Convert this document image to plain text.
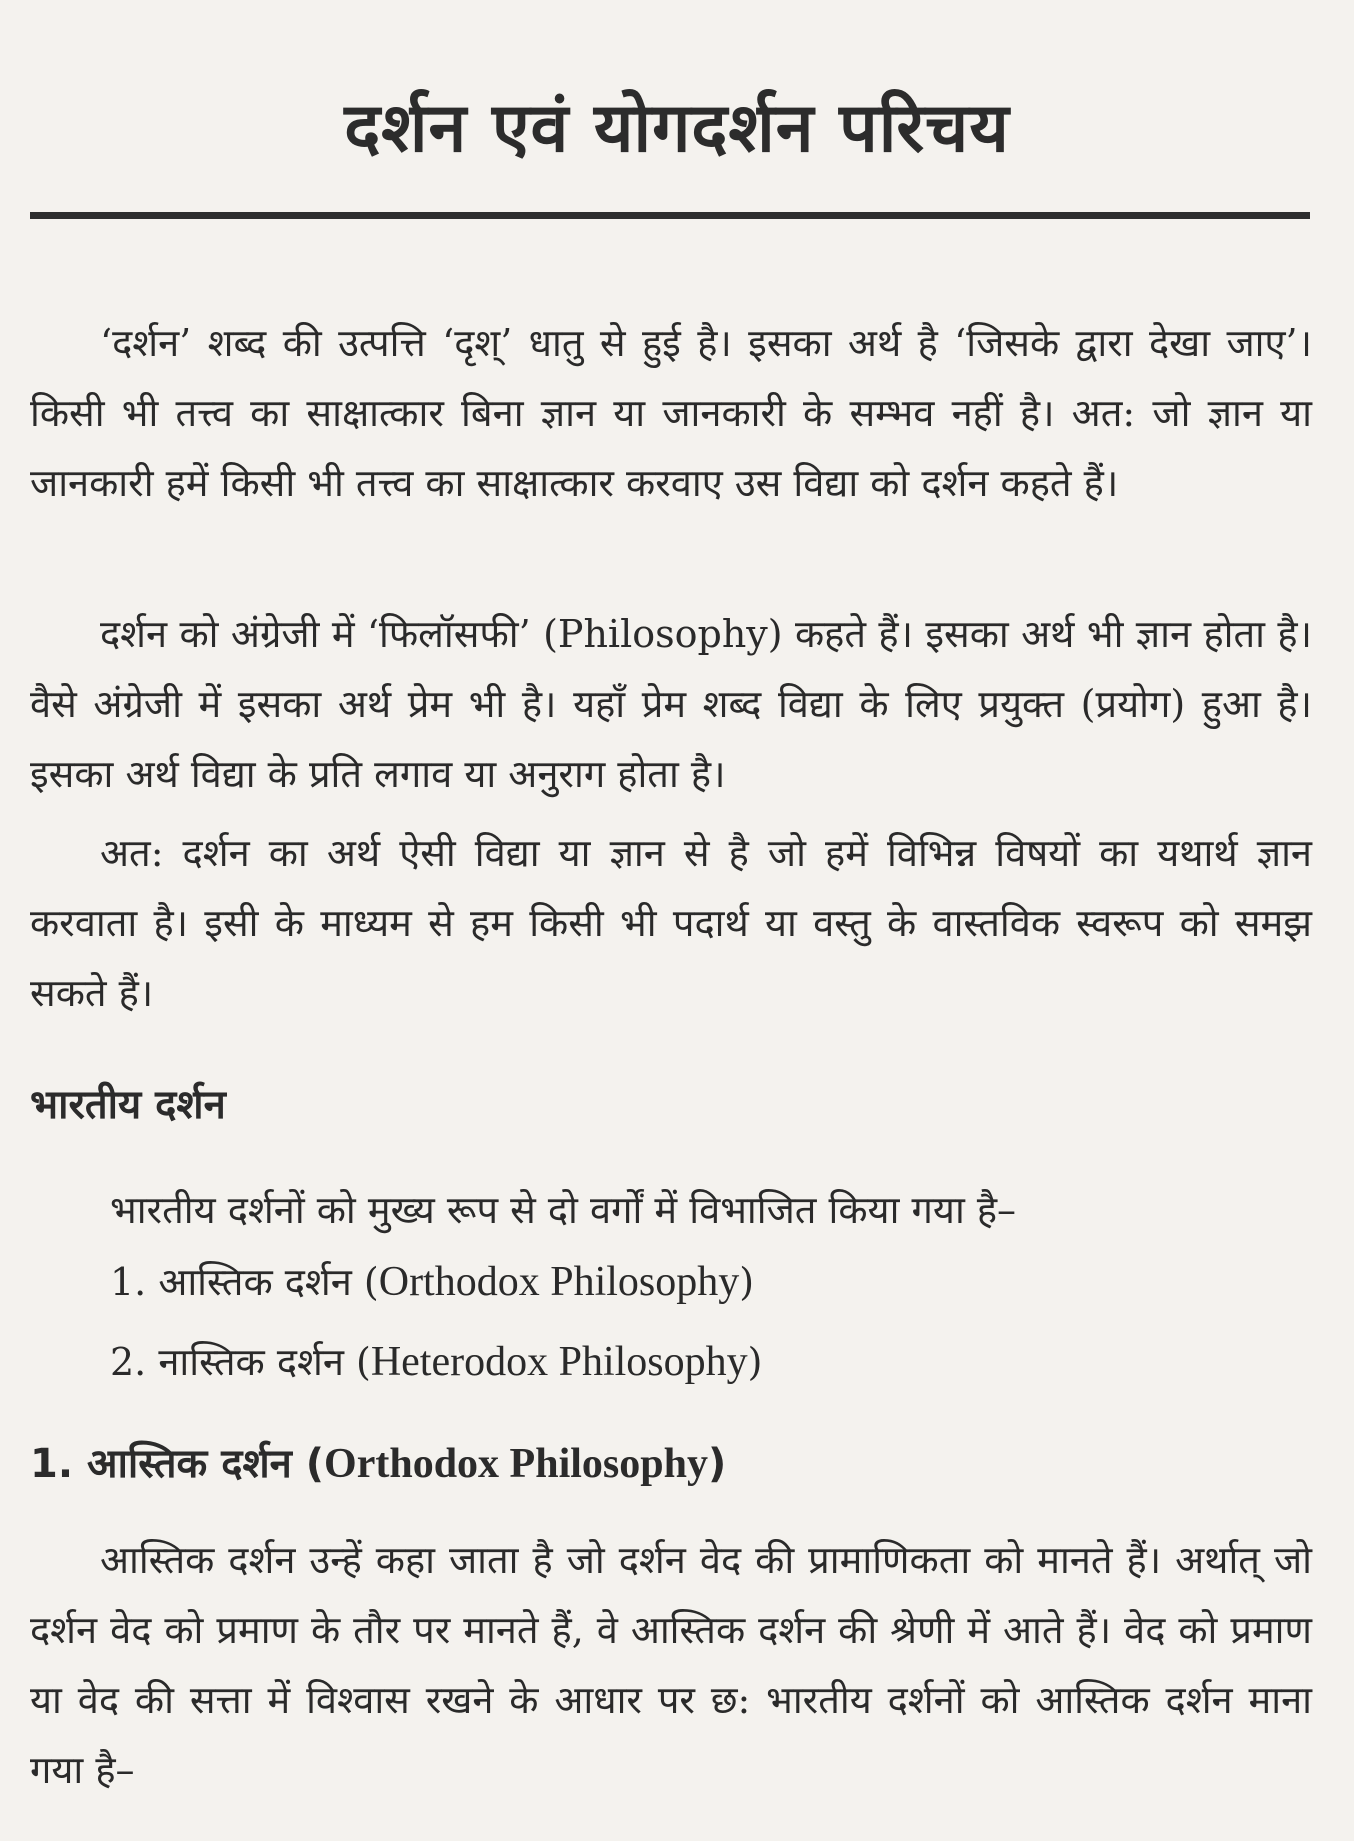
दर्शन एवं योगदर्शन परिचय
‘दर्शन’ शब्द की उत्पत्ति ‘दृश्’ धातु से हुई है। इसका अर्थ है ‘जिसके द्वारा देखा जाए’। किसी भी तत्त्व का साक्षात्कार बिना ज्ञान या जानकारी के सम्भव नहीं है। अत: जो ज्ञान या जानकारी हमें किसी भी तत्त्व का साक्षात्कार करवाए उस विद्या को दर्शन कहते हैं।
दर्शन को अंग्रेजी में ‘फिलॉसफी’ (Philosophy) कहते हैं। इसका अर्थ भी ज्ञान होता है। वैसे अंग्रेजी में इसका अर्थ प्रेम भी है। यहाँ प्रेम शब्द विद्या के लिए प्रयुक्त (प्रयोग) हुआ है। इसका अर्थ विद्या के प्रति लगाव या अनुराग होता है।
अत: दर्शन का अर्थ ऐसी विद्या या ज्ञान से है जो हमें विभिन्न विषयों का यथार्थ ज्ञान करवाता है। इसी के माध्यम से हम किसी भी पदार्थ या वस्तु के वास्तविक स्वरूप को समझ सकते हैं।
भारतीय दर्शन
भारतीय दर्शनों को मुख्य रूप से दो वर्गों में विभाजित किया गया है–
1. आस्तिक दर्शन (Orthodox Philosophy)
2. नास्तिक दर्शन (Heterodox Philosophy)
1. आस्तिक दर्शन (Orthodox Philosophy)
आस्तिक दर्शन उन्हें कहा जाता है जो दर्शन वेद की प्रामाणिकता को मानते हैं। अर्थात् जो दर्शन वेद को प्रमाण के तौर पर मानते हैं, वे आस्तिक दर्शन की श्रेणी में आते हैं। वेद को प्रमाण या वेद की सत्ता में विश्वास रखने के आधार पर छ: भारतीय दर्शनों को आस्तिक दर्शन माना गया है–
